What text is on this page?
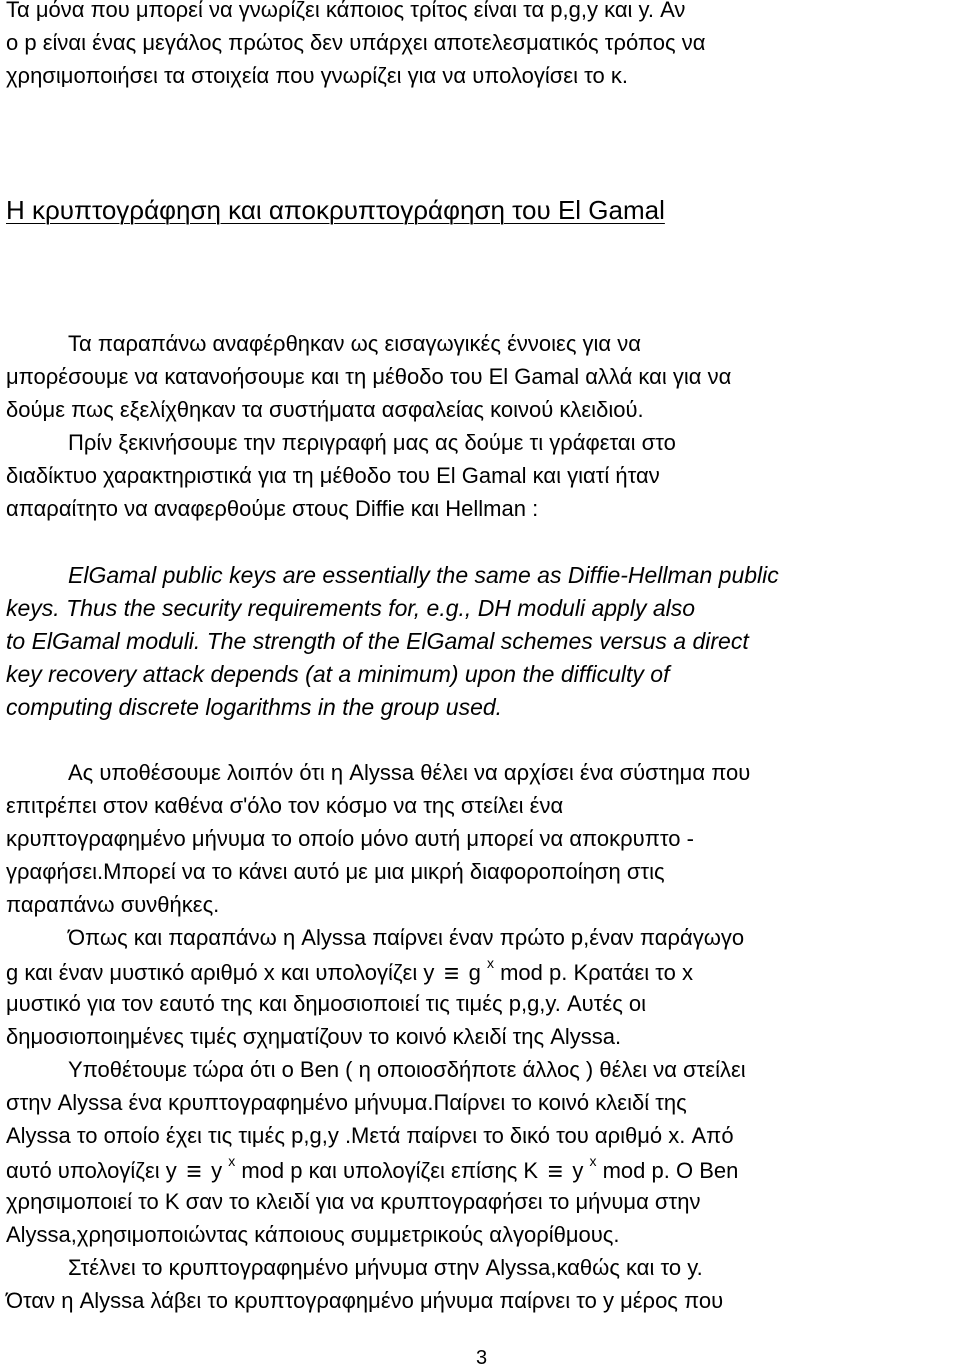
Τα μόνα που μπορεί να γνωρίζει κάποιος τρίτος είναι τα p,g,y και y. Αν
ο p είναι ένας μεγάλος πρώτος δεν υπάρχει αποτελεσματικός τρόπος να
χρησιμοποιήσει τα στοιχεία που γνωρίζει για να υπολογίσει το κ.
Η κρυπτογράφηση και αποκρυπτογράφηση του El Gamal
Τα παραπάνω αναφέρθηκαν ως εισαγωγικές έννοιες για να
μπορέσουμε να κατανοήσουμε και τη μέθοδο του El Gamal αλλά και για να
δούμε πως εξελίχθηκαν τα συστήματα ασφαλείας κοινού κλειδιού.
Πρίν ξεκινήσουμε την περιγραφή μας ας δούμε τι γράφεται στο
διαδίκτυο χαρακτηριστικά για τη μέθοδο του El Gamal και γιατί ήταν
απαραίτητο να αναφερθούμε στους Diffie και Hellman :
ElGamal public keys are essentially the same as Diffie-Hellman public
keys. Thus the security requirements for, e.g., DH moduli apply also
to ElGamal moduli. The strength of the ElGamal schemes versus a direct
key recovery attack depends (at a minimum) upon the difficulty of
computing discrete logarithms in the group used.
Ας υποθέσουμε λοιπόν ότι η Alyssa θέλει να αρχίσει ένα σύστημα που
επιτρέπει στον καθένα σ'όλο τον κόσμο να της στείλει ένα
κρυπτογραφημένο μήνυμα το οποίο μόνο αυτή μπορεί να αποκρυπτο -
γραφήσει.Μπορεί να το κάνει αυτό με μια μικρή διαφοροποίηση στις
παραπάνω συνθήκες.
Όπως και παραπάνω η Alyssa παίρνει έναν πρώτο p,έναν παράγωγο
g και έναν μυστικό αριθμό x και υπολογίζει y ≡ g $^x$ mod p. Κρατάει το x
μυστικό για τον εαυτό της και δημοσιοποιεί τις τιμές p,g,y. Αυτές οι
δημοσιοποιημένες τιμές σχηματίζουν το κοινό κλειδί της Alyssa.
Υποθέτουμε τώρα ότι ο Ben ( η οποιοσδήποτε άλλος ) θέλει να στείλει
στην Alyssa ένα κρυπτογραφημένο μήνυμα.Παίρνει το κοινό κλειδί της
Alyssa το οποίο έχει τις τιμές p,g,y .Μετά παίρνει το δικό του αριθμό x. Από
αυτό υπολογίζει y ≡ y $^x$ mod p και υπολογίζει επίσης K ≡ y $^x$ mod p. O Ben
χρησιμοποιεί το K σαν το κλειδί για να κρυπτογραφήσει το μήνυμα στην
Alyssa,χρησιμοποιώντας κάποιους συμμετρικούς αλγορίθμους.
Στέλνει το κρυπτογραφημένο μήνυμα στην Alyssa,καθώς και το y.
Όταν η Alyssa λάβει το κρυπτογραφημένο μήνυμα παίρνει το y μέρος που
3
